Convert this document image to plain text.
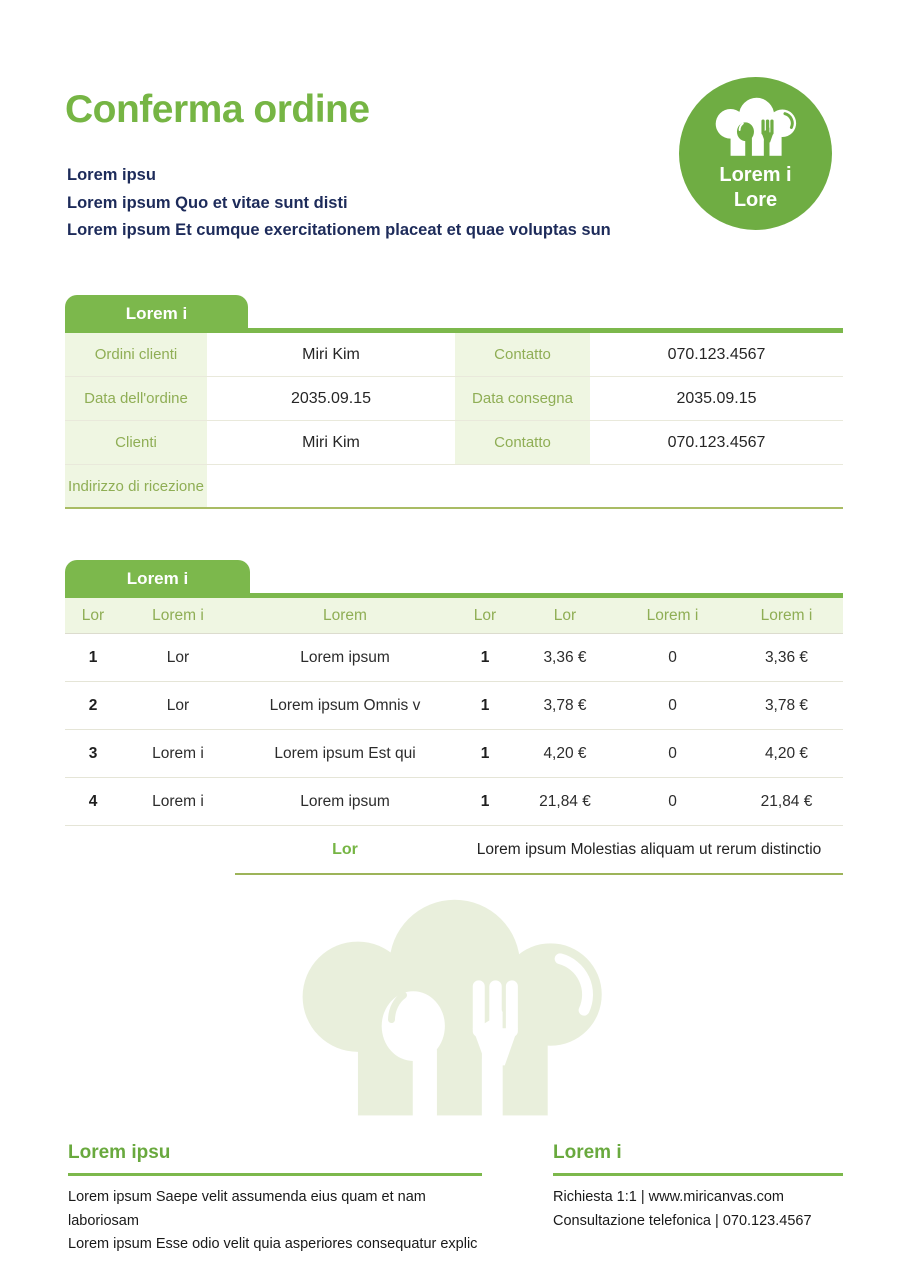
Conferma ordine

Lorem ipsu

Lorem ipsum Quo et vitae sunt disti

Lorem ipsum Et cumque exercitationem placeat et quae voluptas sun

Lorem i
Lore
Lorem i
Ordini clienti	Miri Kim	Contatto	070.123.4567
Data dell'ordine	2035.09.15	Data consegna	2035.09.15
Clienti	Miri Kim	Contatto	070.123.4567
Indirizzo di ricezione
Lorem i
Lor	Lorem i	Lorem	Lor	Lor	Lorem i	Lorem i
1	Lor	Lorem ipsum	1	3,36 €	0	3,36 €
2	Lor	Lorem ipsum Omnis v	1	3,78 €	0	3,78 €
3	Lorem i	Lorem ipsum Est qui	1	4,20 €	0	4,20 €
4	Lorem i	Lorem ipsum	1	21,84 €	0	21,84 €
Lor	Lorem ipsum Molestias aliquam ut rerum distinctio
Lorem ipsu

Lorem ipsum Saepe velit assumenda eius quam et nam laboriosam

Lorem ipsum Esse odio velit quia asperiores consequatur explic

Lorem i

Richiesta 1:1 | www.miricanvas.com

Consultazione telefonica | 070.123.4567
